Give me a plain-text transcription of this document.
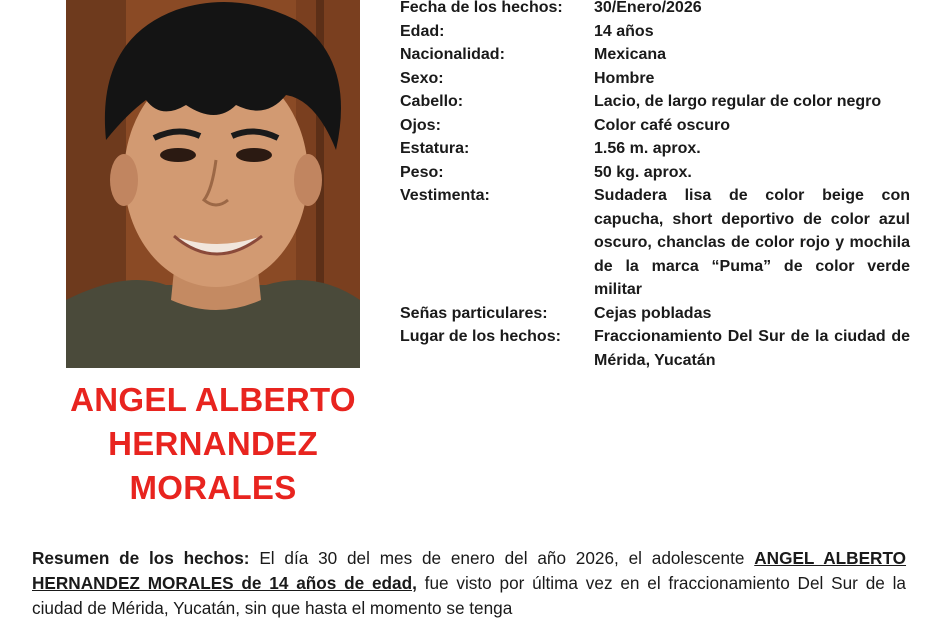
ANGEL ALBERTO
HERNANDEZ
MORALES
Fecha de los hechos:	30/Enero/2026
Edad:	14 años
Nacionalidad:	Mexicana
Sexo:	Hombre
Cabello:	Lacio, de largo regular de color negro
Ojos:	Color café oscuro
Estatura:	1.56 m. aprox.
Peso:	50 kg. aprox.
Vestimenta:	Sudadera lisa de color beige con capucha, short deportivo de color azul oscuro, chanclas de color rojo y mochila de la marca “Puma” de color verde militar
Señas particulares:	Cejas pobladas
Lugar de los hechos:	Fraccionamiento Del Sur de la ciudad de Mérida, Yucatán
Resumen de los hechos: El día 30 del mes de enero del año 2026, el adolescente ANGEL ALBERTO HERNANDEZ MORALES de 14 años de edad, fue visto por última vez en el fraccionamiento Del Sur de la ciudad de Mérida, Yucatán, sin que hasta el momento se tenga
